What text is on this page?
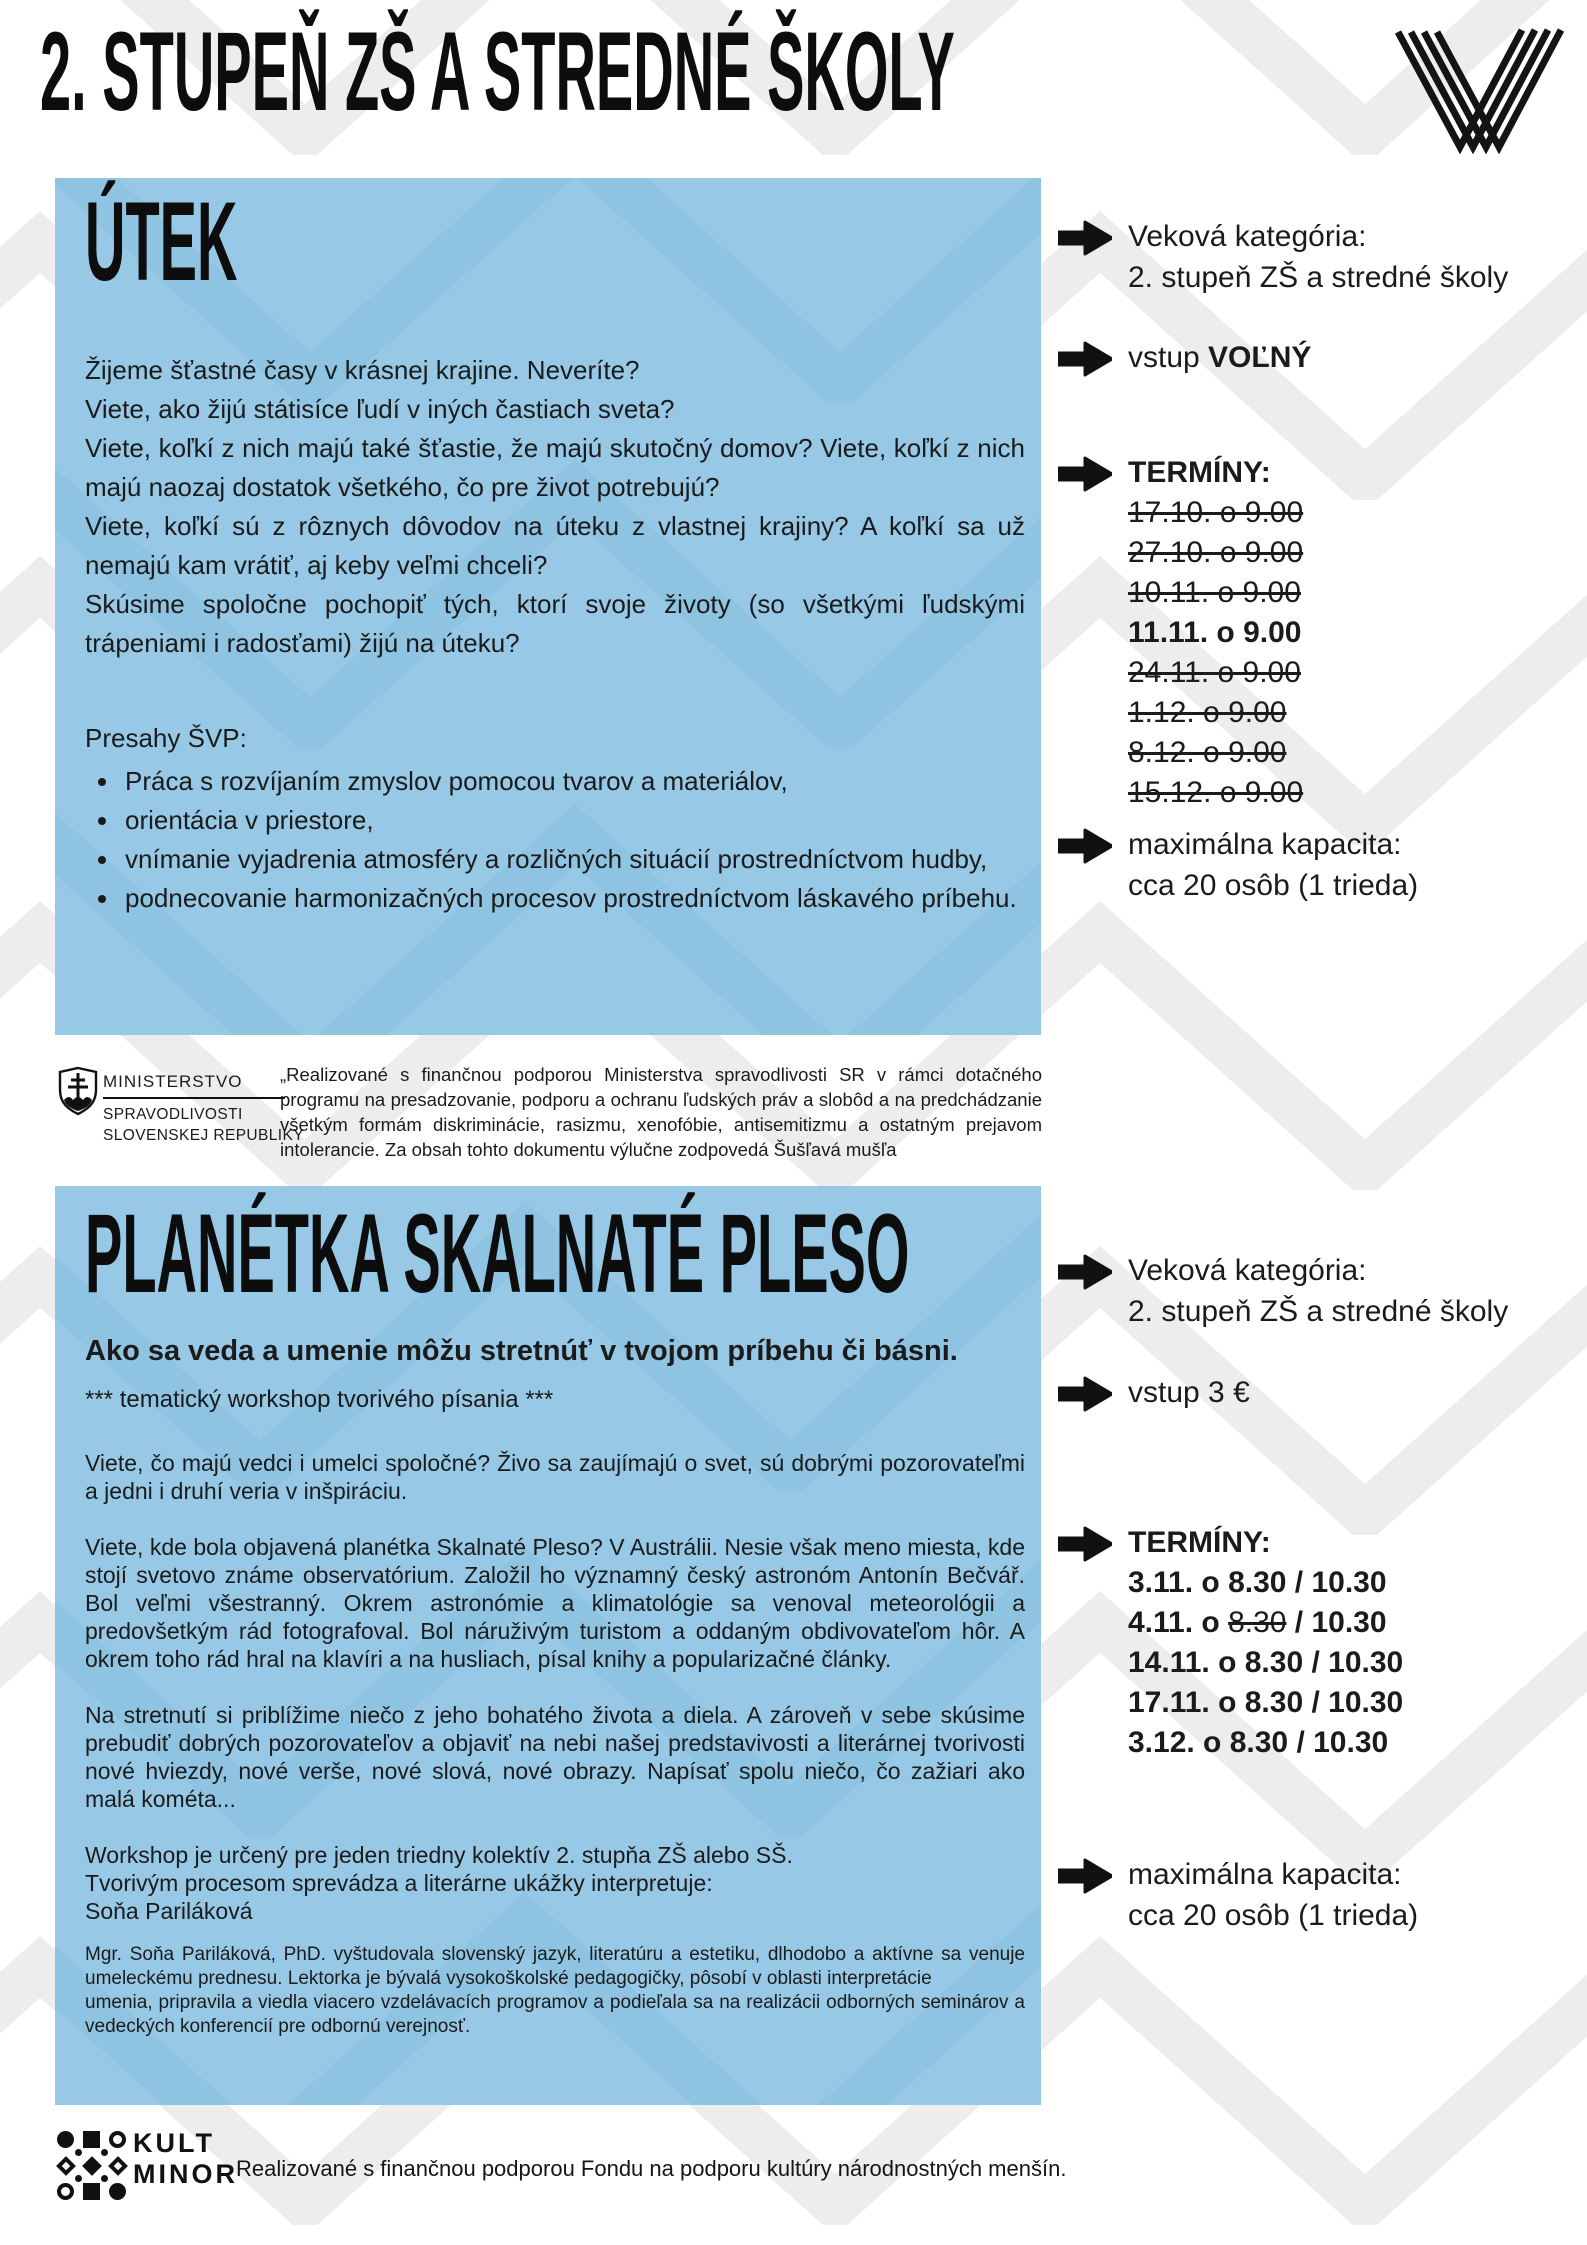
2. STUPEŇ ZŠ A STREDNÉ ŠKOLY
ÚTEK
Žijeme šťastné časy v krásnej krajine. Neveríte?
Viete, ako žijú státisíce ľudí v iných častiach sveta?
Viete, koľkí z nich majú také šťastie, že majú skutočný domov? Viete, koľkí z nich majú naozaj dostatok všetkého, čo pre život potrebujú?
Viete, koľkí sú z rôznych dôvodov na úteku z vlastnej krajiny? A koľkí sa už nemajú kam vrátiť, aj keby veľmi chceli?
Skúsime spoločne pochopiť tých, ktorí svoje životy (so všetkými ľudskými trápeniami i radosťami) žijú na úteku?
Presahy ŠVP:
• Práca s rozvíjaním zmyslov pomocou tvarov a materiálov,
• orientácia v priestore,
• vnímanie vyjadrenia atmosféry a rozličných situácií prostredníctvom hudby,
• podnecovanie harmonizačných procesov prostredníctvom láskavého príbehu.
Veková kategória:
2. stupeň ZŠ a stredné školy
vstup VOĽNÝ
TERMÍNY:
17.10. o 9.00
27.10. o 9.00
10.11. o 9.00
11.11. o 9.00
24.11. o 9.00
1.12. o 9.00
8.12. o 9.00
15.12. o 9.00
maximálna kapacita:
cca 20 osôb (1 trieda)
MINISTERSTVO
SPRAVODLIVOSTI
SLOVENSKEJ REPUBLIKY
„Realizované s finančnou podporou Ministerstva spravodlivosti SR v rámci dotačného programu na presadzovanie, podporu a ochranu ľudských práv a slobôd a na predchádzanie všetkým formám diskriminácie, rasizmu, xenofóbie, antisemitizmu a ostatným prejavom intolerancie. Za obsah tohto dokumentu výlučne zodpovedá Šušľavá mušľa
PLANÉTKA SKALNATÉ PLESO
Ako sa veda a umenie môžu stretnúť v tvojom príbehu či básni.
*** tematický workshop tvorivého písania ***
Viete, čo majú vedci i umelci spoločné? Živo sa zaujímajú o svet, sú dobrými pozorovateľmi a jedni i druhí veria v inšpiráciu.
Viete, kde bola objavená planétka Skalnaté Pleso? V Austrálii. Nesie však meno miesta, kde stojí svetovo známe observatórium. Založil ho významný český astronóm Antonín Bečvář. Bol veľmi všestranný. Okrem astronómie a klimatológie sa venoval meteorológii a predovšetkým rád fotografoval. Bol náruživým turistom a oddaným obdivovateľom hôr. A okrem toho rád hral na klavíri a na husliach, písal knihy a popularizačné články.
Na stretnutí si priblížime niečo z jeho bohatého života a diela. A zároveň v sebe skúsime prebudiť dobrých pozorovateľov a objaviť na nebi našej predstavivosti a literárnej tvorivosti nové hviezdy, nové verše, nové slová, nové obrazy. Napísať spolu niečo, čo zažiari ako malá kométa...
Workshop je určený pre jeden triedny kolektív 2. stupňa ZŠ alebo SŠ.
Tvorivým procesom sprevádza a literárne ukážky interpretuje:
Soňa Pariláková
Mgr. Soňa Pariláková, PhD. vyštudovala slovenský jazyk, literatúru a estetiku, dlhodobo a aktívne sa venuje umeleckému prednesu. Lektorka je bývalá vysokoškolské pedagogičky, pôsobí v oblasti interpretácie
umenia, pripravila a viedla viacero vzdelávacích programov a podieľala sa na realizácii odborných seminárov a vedeckých konferencií pre odbornú verejnosť.
Veková kategória:
2. stupeň ZŠ a stredné školy
vstup 3 €
TERMÍNY:
3.11. o 8.30 / 10.30
4.11. o 8.30 / 10.30
14.11. o 8.30 / 10.30
17.11. o 8.30 / 10.30
3.12. o 8.30 / 10.30
maximálna kapacita:
cca 20 osôb (1 trieda)
KULT
MINOR
Realizované s finančnou podporou Fondu na podporu kultúry národnostných menšín.
